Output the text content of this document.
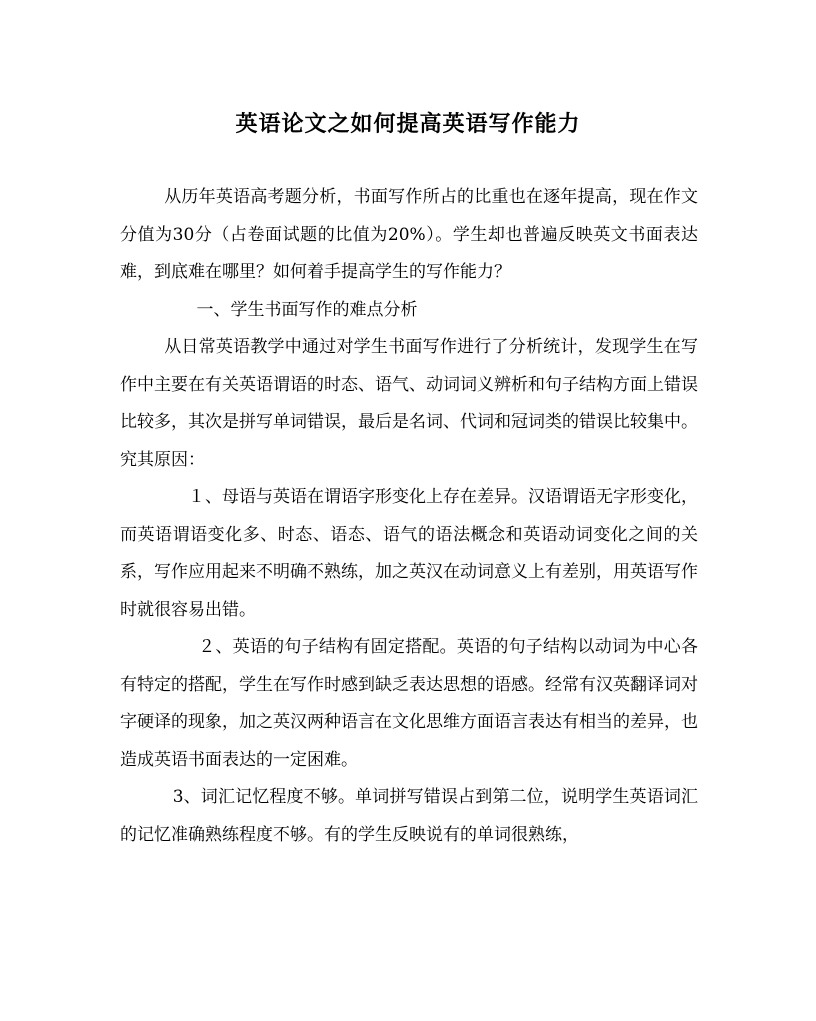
英语论文之如何提高英语写作能力

从历年英语高考题分析，书面写作所占的比重也在逐年提高，现在作文分值为30分（占卷面试题的比值为20%）。学生却也普遍反映英文书面表达难，到底难在哪里？如何着手提高学生的写作能力？

一、学生书面写作的难点分析

从日常英语教学中通过对学生书面写作进行了分析统计，发现学生在写作中主要在有关英语谓语的时态、语气、动词词义辨析和句子结构方面上错误比较多，其次是拼写单词错误，最后是名词、代词和冠词类的错误比较集中。究其原因：

１、母语与英语在谓语字形变化上存在差异。汉语谓语无字形变化，而英语谓语变化多、时态、语态、语气的语法概念和英语动词变化之间的关系，写作应用起来不明确不熟练，加之英汉在动词意义上有差别，用英语写作时就很容易出错。

２、英语的句子结构有固定搭配。英语的句子结构以动词为中心各有特定的搭配，学生在写作时感到缺乏表达思想的语感。经常有汉英翻译词对字硬译的现象，加之英汉两种语言在文化思维方面语言表达有相当的差异，也造成英语书面表达的一定困难。

3、词汇记忆程度不够。单词拼写错误占到第二位，说明学生英语词汇的记忆准确熟练程度不够。有的学生反映说有的单词很熟练，
